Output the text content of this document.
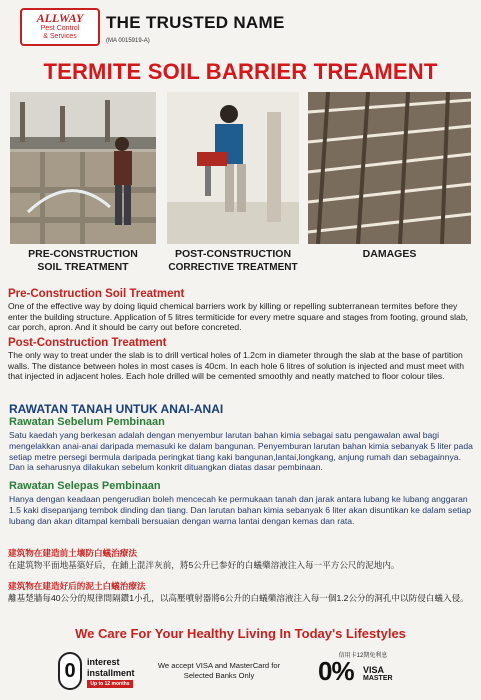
ALLWAY
Pest Control
& Services
THE TRUSTED NAME
(MA 0015919-A)
TERMITE SOIL BARRIER TREAMENT
PRE-CONSTRUCTION
SOIL TREATMENT
POST-CONSTRUCTION
CORRECTIVE TREATMENT
DAMAGES
Pre-Construction Soil Treatment
One of the effective way by doing liquid chemical barriers work by killing or repelling subterranean termites before they enter the building structure. Application of 5 litres termiticide for every metre square and stages from footing, ground slab, car porch, apron. And it should be carry out before concreted.
Post-Construction Treatment
The only way to treat under the slab is to drill vertical holes of 1.2cm in diameter through the slab at the base of partition walls. The distance between holes in most cases is 40cm. In each hole 6 litres of solution is injected and must meet with that injected in adjacent holes. Each hole drilled will be cemented smoothly and neatly matched to floor colour tiles.
RAWATAN TANAH UNTUK ANAI-ANAI
Rawatan Sebelum Pembinaan
Satu kaedah yang berkesan adalah dengan menyembur larutan bahan kimia sebagai satu pengawalan awal bagi mengelakkan anai-anai daripada memasuki ke dalam bangunan. Penyemburan larutan bahan kimia sebanyak 5 liter pada setiap metre persegi bermula daripada peringkat tiang kaki bangunan,lantai,longkang, anjung rumah dan sebagainnya. Dan ia seharusnya dilakukan sebelum konkrit dituangkan diatas dasar pembinaan.
Rawatan Selepas Pembinaan
Hanya dengan keadaan pengerudian boleh mencecah ke permukaan tanah dan jarak antara lubang ke lubang anggaran 1.5 kaki disepanjang tembok dinding dan tiang. Dan larutan bahan kimia sebanyak 6 liter akan disuntikan ke dalam setiap lubang dan akan ditampal kembali bersuaian dengan warna lantai dengan kemas dan rata.
建筑物在建造前土壤防白蟻治療法
在建筑物平面地基築好后，在鋪上混泮灰前，將5公升已参好的白蟻藥溶液注入每一平方公尺的泥地内。
建筑物在建造好后的泥土白蟻治療法
離基楚牆每40公分的規律間隔鑽1小孔，以高壓噴射器將6公升的白蟻藥溶液注入每一個1.2公分的洞孔中以防侵白蟻入侵。
We Care For Your Healthy Living In Today's Lifestyles
0	interest
installment
Up to 12 months
We accept VISA and MasterCard for Selected Banks Only
信用卡12期免利息
0% VISA
MASTER
